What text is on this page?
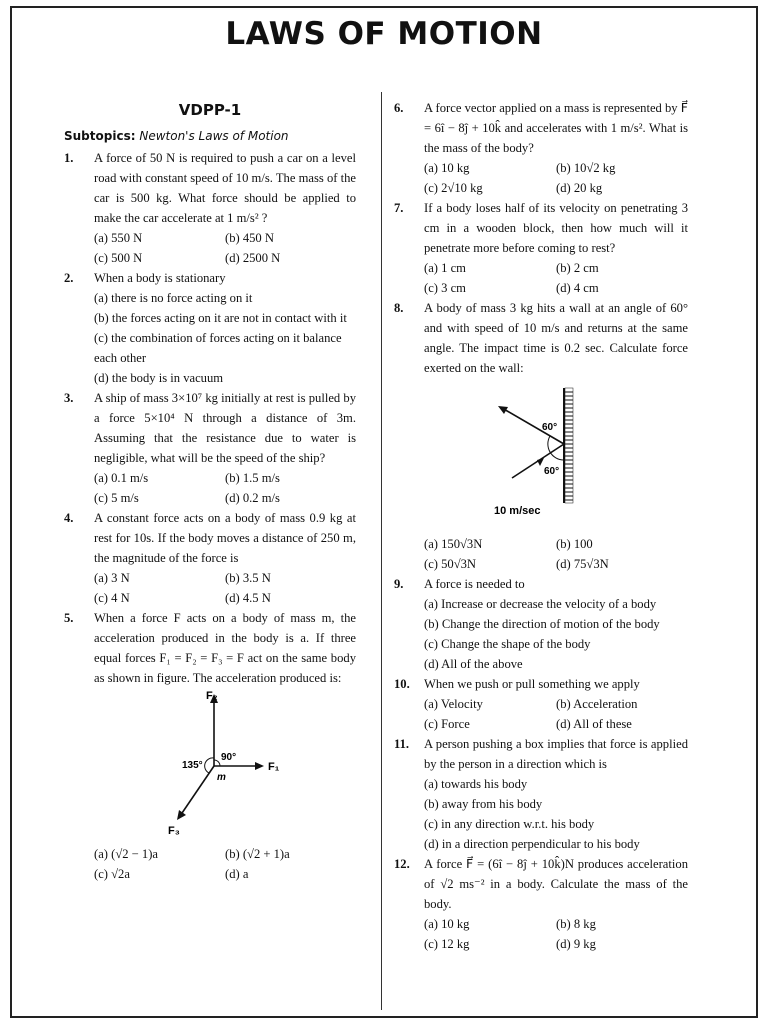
LAWS OF MOTION
VDPP-1
Subtopics: Newton's Laws of Motion
1. A force of 50 N is required to push a car on a level road with constant speed of 10 m/s. The mass of the car is 500 kg. What force should be applied to make the car accelerate at 1 m/s² ?
(a) 550 N	(b) 450 N
(c) 500 N	(d) 2500 N
2. When a body is stationary
(a) there is no force acting on it
(b) the forces acting on it are not in contact with it
(c) the combination of forces acting on it balance each other
(d) the body is in vacuum
3. A ship of mass 3×10⁷ kg initially at rest is pulled by a force 5×10⁴ N through a distance of 3m. Assuming that the resistance due to water is negligible, what will be the speed of the ship?
(a) 0.1 m/s	(b) 1.5 m/s
(c) 5 m/s	(d) 0.2 m/s
4. A constant force acts on a body of mass 0.9 kg at rest for 10s. If the body moves a distance of 250 m, the magnitude of the force is
(a) 3 N	(b) 3.5 N
(c) 4 N	(d) 4.5 N
5. When a force F acts on a body of mass m, the acceleration produced in the body is a. If three equal forces F₁ = F₂ = F₃ = F act on the same body as shown in figure. The acceleration produced is:
F₂
F₁
F₃
90°
135°
m
(a) (√2 − 1)a	(b) (√2 + 1)a
(c) √2a	(d) a
6. A force vector applied on a mass is represented by F⃗ = 6î − 8ĵ + 10k̂ and accelerates with 1 m/s². What is the mass of the body?
(a) 10 kg	(b) 10√2 kg
(c) 2√10 kg	(d) 20 kg
7. If a body loses half of its velocity on penetrating 3 cm in a wooden block, then how much will it penetrate more before coming to rest?
(a) 1 cm	(b) 2 cm
(c) 3 cm	(d) 4 cm
8. A body of mass 3 kg hits a wall at an angle of 60° and with speed of 10 m/s and returns at the same angle. The impact time is 0.2 sec. Calculate force exerted on the wall:
60°
60°
10 m/sec
(a) 150√3N	(b) 100
(c) 50√3N	(d) 75√3N
9. A force is needed to
(a) Increase or decrease the velocity of a body
(b) Change the direction of motion of the body
(c) Change the shape of the body
(d) All of the above
10. When we push or pull something we apply
(a) Velocity	(b) Acceleration
(c) Force	(d) All of these
11. A person pushing a box implies that force is applied by the person in a direction which is
(a) towards his body
(b) away from his body
(c) in any direction w.r.t. his body
(d) in a direction perpendicular to his body
12. A force F⃗ = (6î − 8ĵ + 10k̂)N produces acceleration of √2 ms⁻² in a body. Calculate the mass of the body.
(a) 10 kg	(b) 8 kg
(c) 12 kg	(d) 9 kg
